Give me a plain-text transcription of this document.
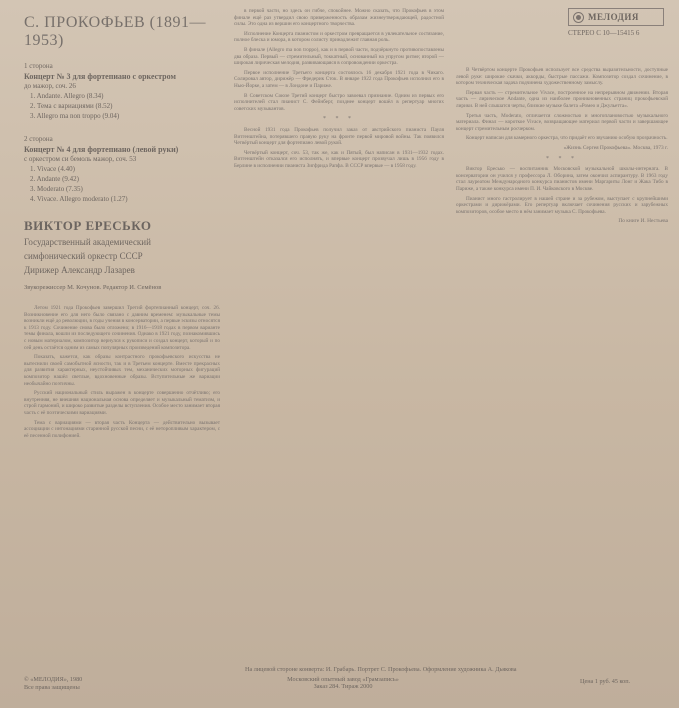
С. ПРОКОФЬЕВ (1891—1953)
1 сторона
Концерт № 3 для фортепиано с оркестром
до мажор, соч. 26
1. Andante. Allegro (8.34)
2. Тема с вариациями (8.52)
3. Allegro ma non troppo (9.04)
2 сторона
Концерт № 4 для фортепиано (левой руки)
с оркестром си бемоль мажор, соч. 53
1. Vivace (4.40)
2. Andante (9.42)
3. Moderato (7.35)
4. Vivace. Allegro moderato (1.27)
ВИКТОР ЕРЕСЬКО
Государственный академический
симфонический оркестр СССР
Дирижер Александр Лазарев
Звукорежиссер М. Кочунов. Редактор И. Семёнов

Летом 1921 года Прокофьев завершил Третий фортепианный концерт, соч. 26. Возникновение его для него было связано с давним временем: музыкальные темы возникли ещё до революции, в годы учения в консерватории, а первые эскизы относятся к 1913 году. Сочинение снова было отложено; в 1916—1918 годах в первом варианте темы финала, вошли из последующего сочинения. Однако в 1921 году, познакомившись с новым материалом, композитор вернулся к рукописи и создал концерт, который и по сей день остаётся одним из самых популярных произведений композитора.

Показать, кажется, как образы контрастного прокофьевского искусства не вытеснили своей самобытной ясности, так и в Третьем концерте. Вместе прекрасных для развития характерных, неустойчивых тем, механических моторных фигураций композитор нашёл светлые, вдохновенные образы. Вступительные же вариации необычайно поэтичны.

Русский национальный стиль выражен в концерте совершенно отчётливо; его внутренняя, не внешняя национальная основа определяет и музыкальный тематизм, и строй гармоний, и широко развитые разделы вступления. Особое место занимает вторая часть с её поэтическими вариациями.

Тема с вариациями — вторая часть Концерта — действительно вызывает ассоциации с интонациями старинной русской песни, с её неторопливым характером, с её песенной полифонией.

в первой части, но здесь он гибче, спокойнее. Можно сказать, что Прокофьев в этом финале ещё раз утвердил свою приверженность образам жизнеутверждающей, радостной силы. Это одна из вершин его концертного творчества.

Исполнение Концерта пианистом и оркестром превращается в увлекательное состязание, полное блеска и юмора, в котором солисту принадлежит главная роль.

В финале (Allegro ma non troppo), как и в первой части, подчёркнуто противопоставлены два образа. Первый — стремительный, токкатный, основанный на упругом ритме; второй — широкая лирическая мелодия, развивающаяся в сопровождении оркестра.

Первое исполнение Третьего концерта состоялось 16 декабря 1921 года в Чикаго. Солировал автор, дирижёр — Фредерик Сток. В январе 1922 года Прокофьев исполнил его в Нью-Йорке, а затем — в Лондоне и Париже.

В Советском Союзе Третий концерт быстро завоевал признание. Одним из первых его исполнителей стал пианист С. Фейнберг, позднее концерт вошёл в репертуар многих советских музыкантов.

* * *

Весной 1931 года Прокофьев получил заказ от австрийского пианиста Пауля Витгенштейна, потерявшего правую руку на фронте первой мировой войны. Так появился Четвёртый концерт для фортепиано левой рукой.

Четвёртый концерт, соч. 53, так же, как и Пятый, был написан в 1931—1932 годах. Витгенштейн отказался его исполнять, и впервые концерт прозвучал лишь в 1956 году в Берлине в исполнении пианиста Зигфрида Рапфа. В СССР впервые — в 1958 году.

МЕЛОДИЯ
СТЕРЕО С 10—15415 6

В Четвёртом концерте Прокофьев использует все средства выразительности, доступные левой руке: широкие скачки, аккорды, быстрые пассажи. Композитор создал сочинение, в котором техническая задача подчинена художественному замыслу.

Первая часть — стремительное Vivace, построенное на непрерывном движении. Вторая часть — лирическое Andante, одна из наиболее проникновенных страниц прокофьевской лирики. В ней слышатся черты, близкие музыке балета «Ромео и Джульетта».

Третья часть, Moderato, отличается сложностью и многоплановостью музыкального материала. Финал — короткое Vivace, возвращающее материал первой части и завершающее концерт стремительным росчерком.

Концерт написан для камерного оркестра, что придаёт его звучанию особую прозрачность.

«Жизнь Сергея Прокофьева». Москва, 1973 г.
* * *

Виктор Ересько — воспитанник Московской музыкальной школы-интерната. В консерватории он учился у профессора Л. Оборина, затем окончил аспирантуру. В 1963 году стал лауреатом Международного конкурса пианистов имени Маргариты Лонг и Жака Тибо в Париже, а также конкурса имени П. И. Чайковского в Москве.

Пианист много гастролирует в нашей стране и за рубежом, выступает с крупнейшими оркестрами и дирижёрами. Его репертуар включает сочинения русских и зарубежных композиторов, особое место в нём занимает музыка С. Прокофьева.

По книге И. Нестьева
На лицевой стороне конверта: И. Грабарь. Портрет С. Прокофьева. Оформление художника А. Дьякова
© «МЕЛОДИЯ», 1980
Все права защищены
Московский опытный завод «Грамзапись»
Заказ 284. Тираж 2000
Цена 1 руб. 45 коп.
